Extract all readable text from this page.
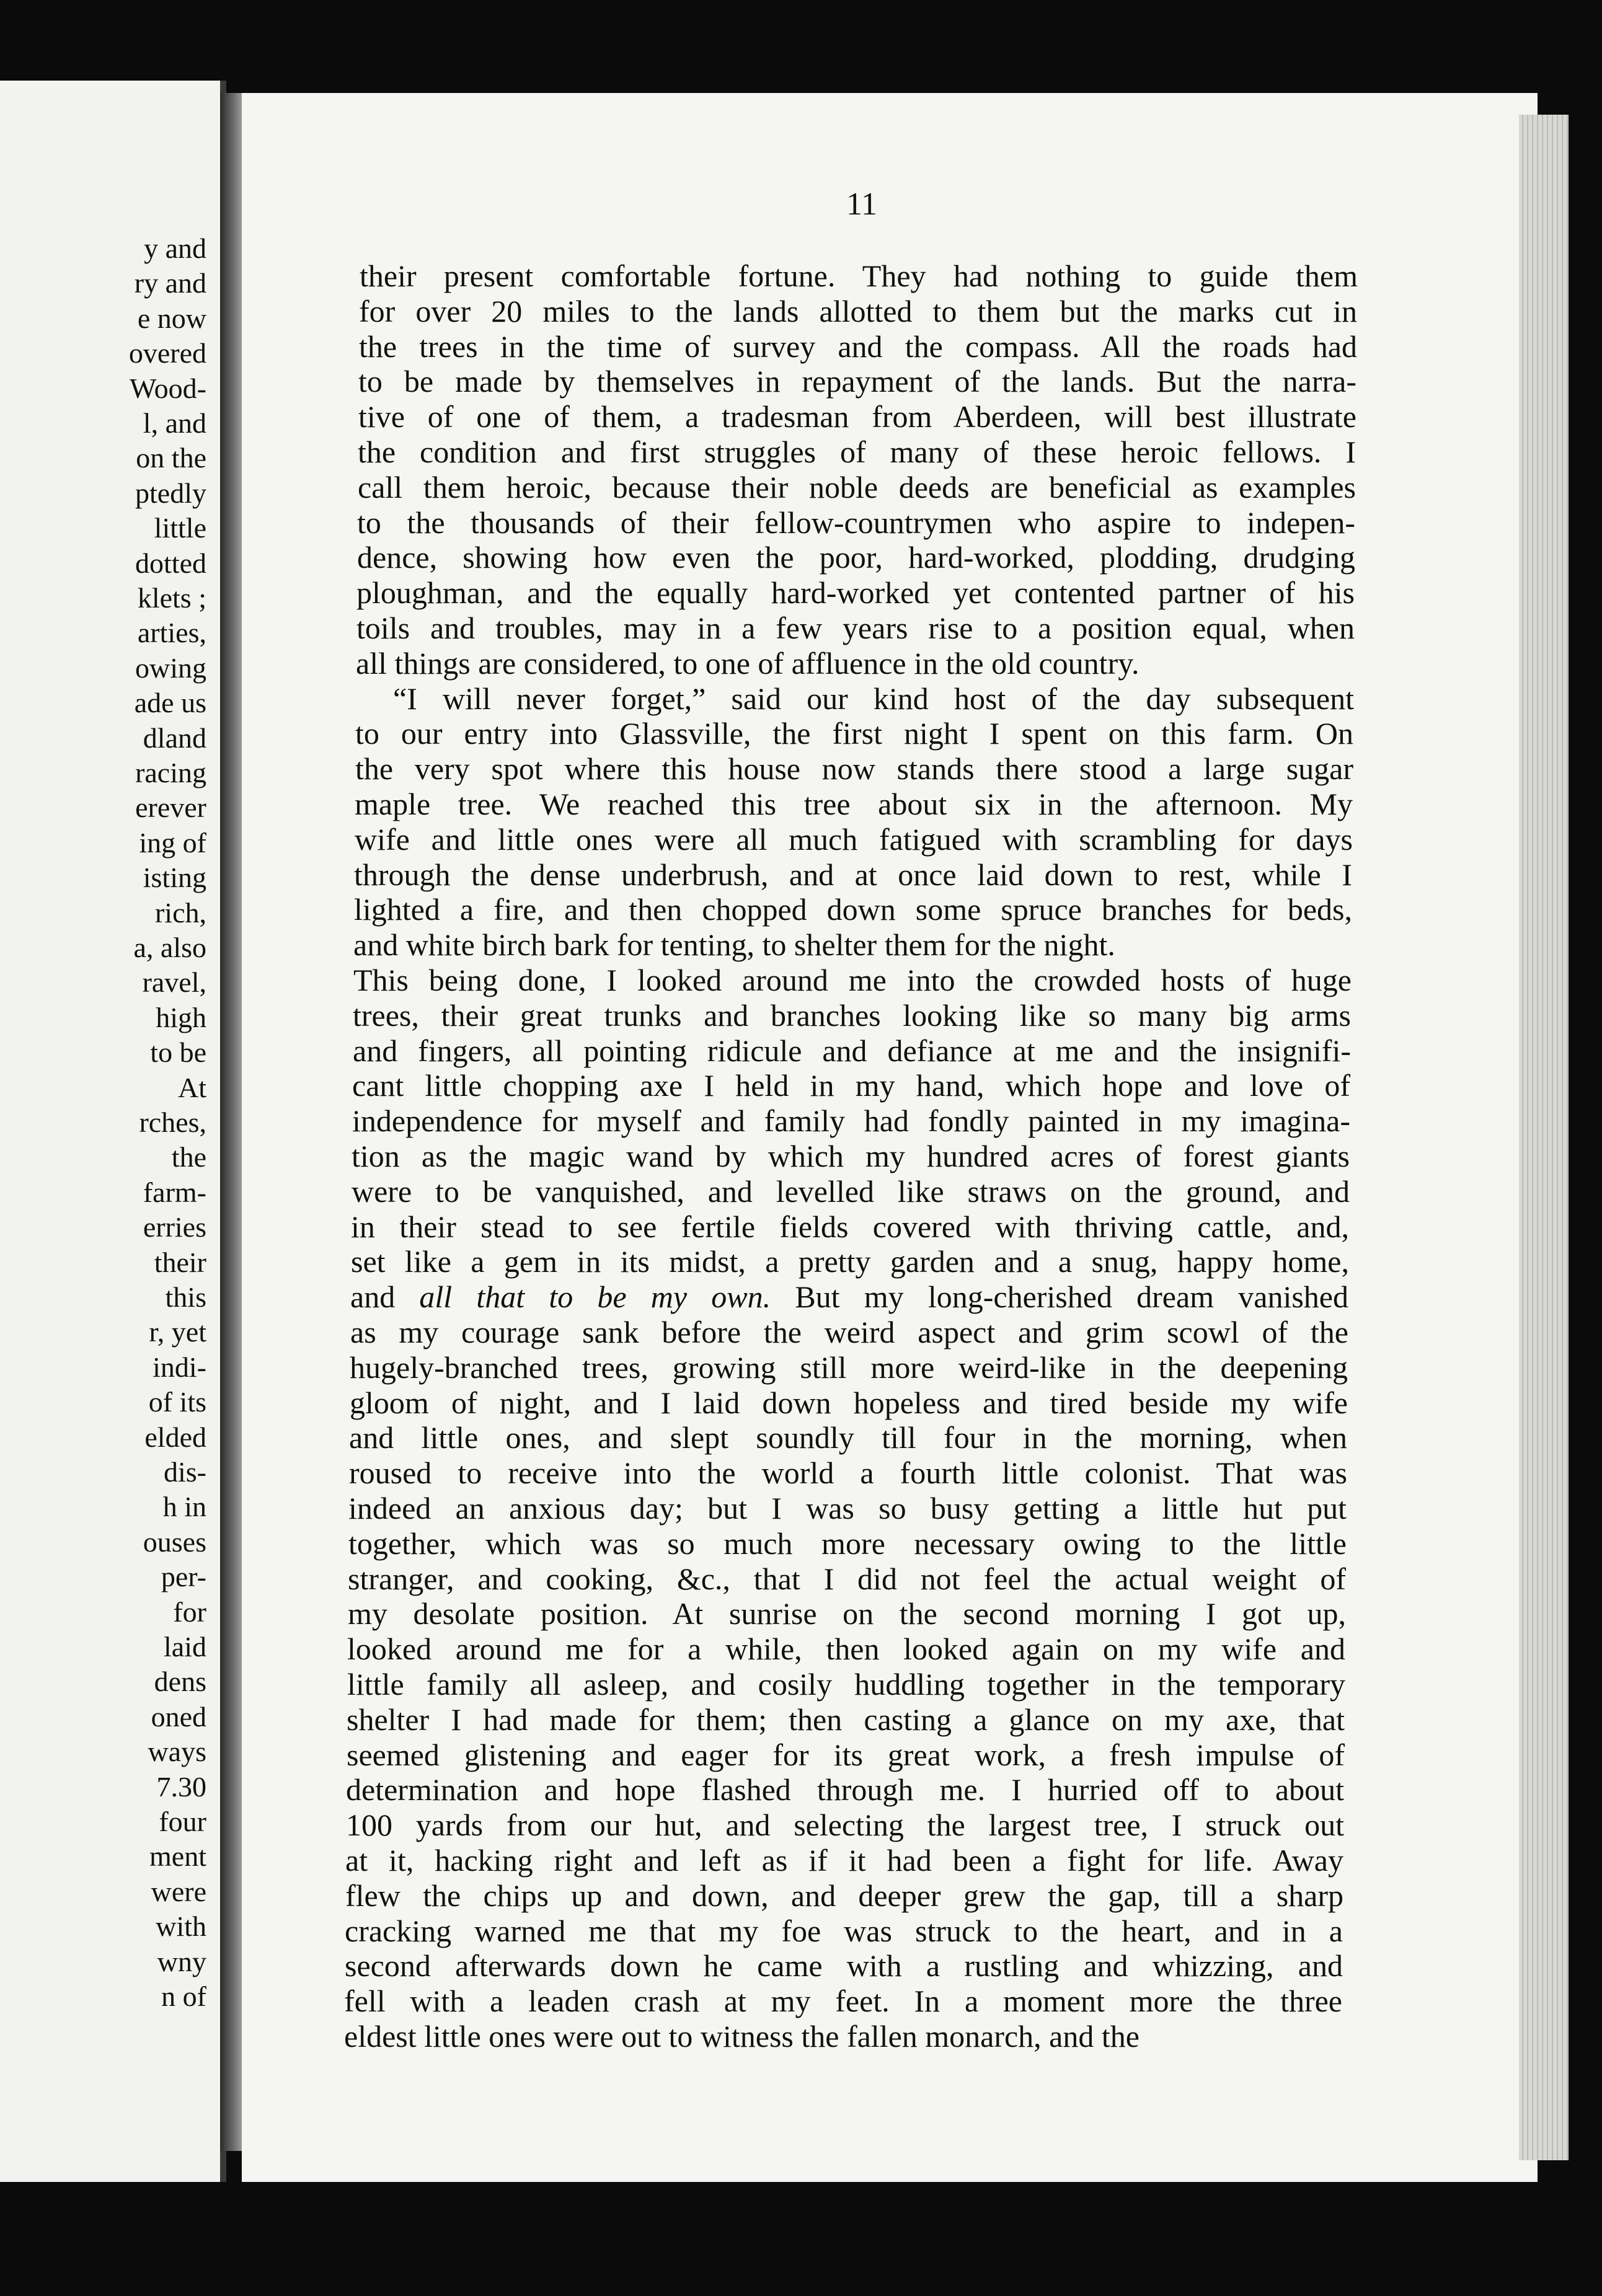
y and
ry and
e now
overed
Wood-
l, and
on the
ptedly
little
dotted
klets ;
arties,
owing
ade us
dland
racing
erever
ing of
isting
rich,
a, also
ravel,
high
to be
At
rches,
the
farm-
erries
their
this
r, yet
indi-
of its
elded
dis-
h in
ouses
per-
for
laid
dens
oned
ways
7.30
four
ment
were
with
wny
n of
11
their present comfortable fortune. They had nothing to guide them
for over 20 miles to the lands allotted to them but the marks cut in
the trees in the time of survey and the compass. All the roads had
to be made by themselves in repayment of the lands. But the narra-
tive of one of them, a tradesman from Aberdeen, will best illustrate
the condition and first struggles of many of these heroic fellows. I
call them heroic, because their noble deeds are beneficial as examples
to the thousands of their fellow-countrymen who aspire to indepen-
dence, showing how even the poor, hard-worked, plodding, drudging
ploughman, and the equally hard-worked yet contented partner of his
toils and troubles, may in a few years rise to a position equal, when
all things are considered, to one of affluence in the old country.
“I will never forget,” said our kind host of the day subsequent
to our entry into Glassville, the first night I spent on this farm. On
the very spot where this house now stands there stood a large sugar
maple tree. We reached this tree about six in the afternoon. My
wife and little ones were all much fatigued with scrambling for days
through the dense underbrush, and at once laid down to rest, while I
lighted a fire, and then chopped down some spruce branches for beds,
and white birch bark for tenting, to shelter them for the night.
This being done, I looked around me into the crowded hosts of huge
trees, their great trunks and branches looking like so many big arms
and fingers, all pointing ridicule and defiance at me and the insignifi-
cant little chopping axe I held in my hand, which hope and love of
independence for myself and family had fondly painted in my imagina-
tion as the magic wand by which my hundred acres of forest giants
were to be vanquished, and levelled like straws on the ground, and
in their stead to see fertile fields covered with thriving cattle, and,
set like a gem in its midst, a pretty garden and a snug, happy home,
and all that to be my own. But my long-cherished dream vanished
as my courage sank before the weird aspect and grim scowl of the
hugely-branched trees, growing still more weird-like in the deepening
gloom of night, and I laid down hopeless and tired beside my wife
and little ones, and slept soundly till four in the morning, when
roused to receive into the world a fourth little colonist. That was
indeed an anxious day; but I was so busy getting a little hut put
together, which was so much more necessary owing to the little
stranger, and cooking, &c., that I did not feel the actual weight of
my desolate position. At sunrise on the second morning I got up,
looked around me for a while, then looked again on my wife and
little family all asleep, and cosily huddling together in the temporary
shelter I had made for them; then casting a glance on my axe, that
seemed glistening and eager for its great work, a fresh impulse of
determination and hope flashed through me. I hurried off to about
100 yards from our hut, and selecting the largest tree, I struck out
at it, hacking right and left as if it had been a fight for life. Away
flew the chips up and down, and deeper grew the gap, till a sharp
cracking warned me that my foe was struck to the heart, and in a
second afterwards down he came with a rustling and whizzing, and
fell with a leaden crash at my feet. In a moment more the three
eldest little ones were out to witness the fallen monarch, and the
